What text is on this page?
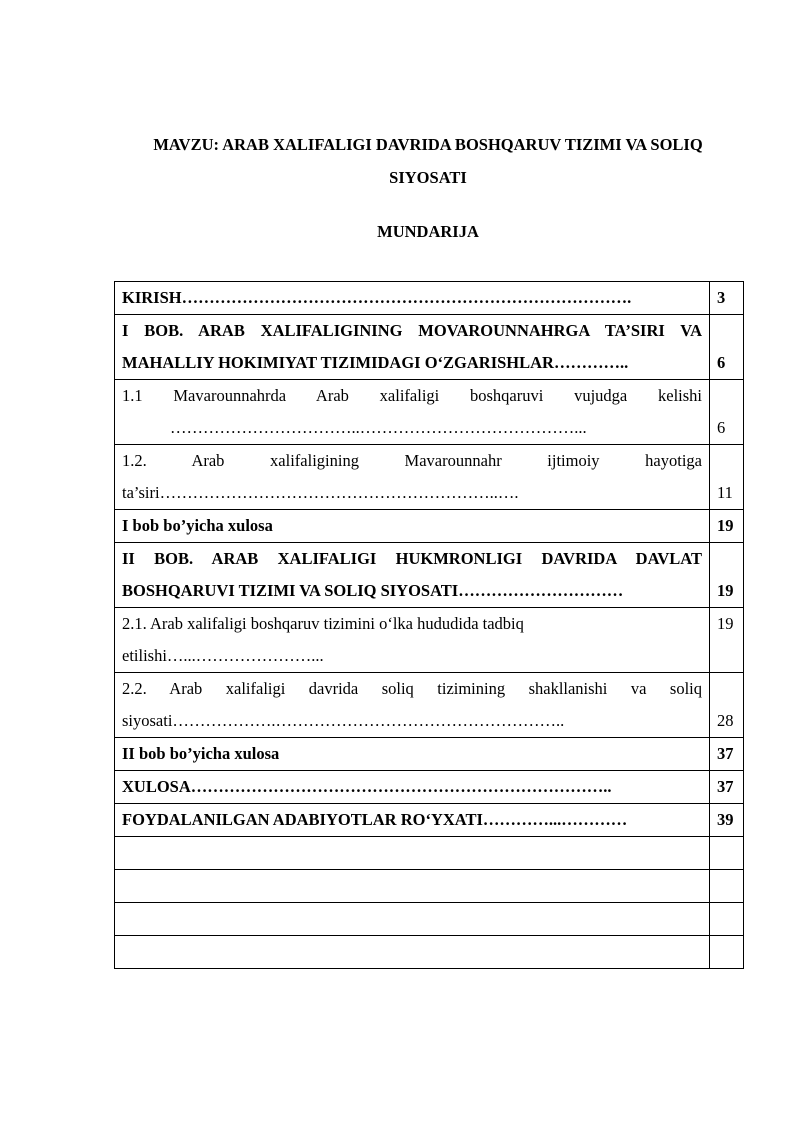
MAVZU: ARAB XALIFALIGI DAVRIDA BOSHQARUV TIZIMI VA SOLIQ
SIYOSATI
MUNDARIJA
KIRISH……………………………………………………………………….	3

I BOB. ARAB XALIFALIGINING MOVAROUNNAHRGA TA’SIRI VA
MAHALLIY HOKIMIYAT TIZIMIDAGI O‘ZGARISHLAR…………..	6

1.1 Mavarounnahrda Arab xalifaligi boshqaruvi vujudga kelishi
……………………………..…………………………………...	6

1.2. Arab xalifaligining Mavarounnahr ijtimoiy hayotiga
ta’siri……………………………………………………..….	11
I bob bo’yicha xulosa	19

II BOB. ARAB XALIFALIGI HUKMRONLIGI DAVRIDA DAVLAT
BOSHQARUVI TIZIMI VA SOLIQ SIYOSATI…………………………	19

2.1. Arab xalifaligi boshqaruv tizimini o‘lka hududida tadbiq
etilishi…...…………………...	19

2.2. Arab xalifaligi davrida soliq tizimining shakllanishi va soliq
siyosati……………….……………………………………………..	28
II bob bo’yicha xulosa	37
XULOSA…………………………………………………………………..	37
FOYDALANILGAN ADABIYOTLAR RO‘YXATI…………...…………	39
